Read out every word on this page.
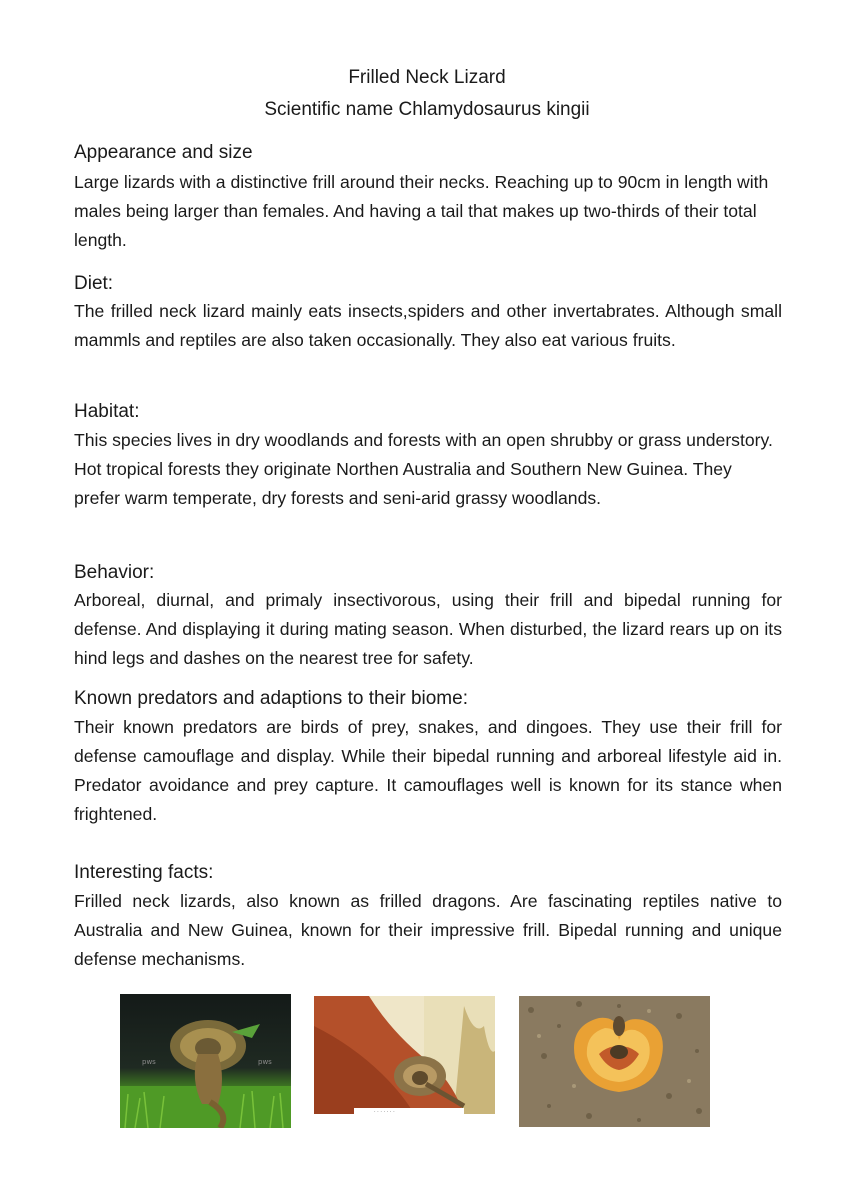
Frilled Neck Lizard
Scientific name Chlamydosaurus kingii
Appearance and size
Large lizards with a distinctive frill around their necks. Reaching up to 90cm in length with males being larger than females. And having a tail that makes up two-thirds of their total length.
Diet:
The frilled neck lizard mainly eats insects,spiders and other invertabrates. Although small mammls and reptiles are also taken occasionally. They also eat various fruits.
Habitat:
This species lives in dry woodlands and forests with an open shrubby or grass understory. Hot tropical forests they originate Northen Australia and Southern New Guinea. They prefer warm temperate, dry forests and seni-arid grassy woodlands.
Behavior:
Arboreal, diurnal, and primaly insectivorous, using their frill and bipedal running for defense. And displaying it during mating season. When disturbed, the lizard rears up on its hind legs and dashes on the nearest tree for safety.
Known predators and adaptions to their biome:
Their known predators are birds of prey, snakes, and dingoes. They use their frill for defense camouflage and display. While their bipedal running and arboreal lifestyle aid in. Predator avoidance and prey capture. It camouflages well is known for its stance when frightened.
Interesting facts:
Frilled neck lizards, also known as frilled dragons. Are fascinating reptiles native to Australia and New Guinea, known for their impressive frill. Bipedal running and unique defense mechanisms.
pws	pws
· · · · · · ·
